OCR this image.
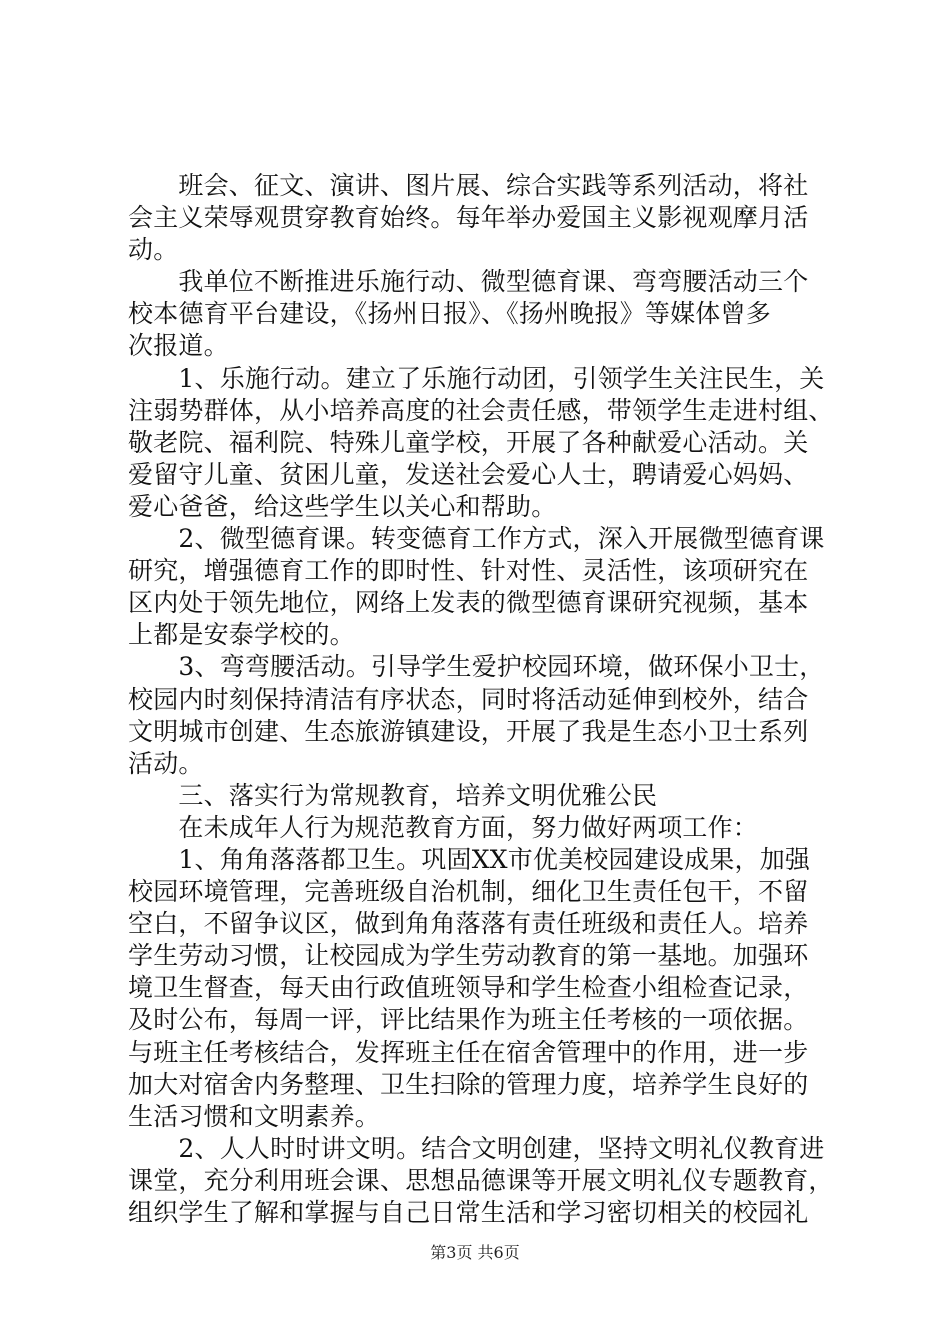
　　班会、征文、演讲、图片展、综合实践等系列活动，将社
会主义荣辱观贯穿教育始终。每年举办爱国主义影视观摩月活
动。
　　我单位不断推进乐施行动、微型德育课、弯弯腰活动三个
校本德育平台建设，《扬州日报》、《扬州晚报》等媒体曾多
次报道。
　　1、乐施行动。建立了乐施行动团，引领学生关注民生，关
注弱势群体，从小培养高度的社会责任感，带领学生走进村组、
敬老院、福利院、特殊儿童学校，开展了各种献爱心活动。关
爱留守儿童、贫困儿童，发送社会爱心人士，聘请爱心妈妈、
爱心爸爸，给这些学生以关心和帮助。
　　2、微型德育课。转变德育工作方式，深入开展微型德育课
研究，增强德育工作的即时性、针对性、灵活性，该项研究在
区内处于领先地位，网络上发表的微型德育课研究视频，基本
上都是安泰学校的。
　　3、弯弯腰活动。引导学生爱护校园环境，做环保小卫士，
校园内时刻保持清洁有序状态，同时将活动延伸到校外，结合
文明城市创建、生态旅游镇建设，开展了我是生态小卫士系列
活动。
　　三、落实行为常规教育，培养文明优雅公民
　　在未成年人行为规范教育方面，努力做好两项工作：
　　1、角角落落都卫生。巩固XX市优美校园建设成果，加强
校园环境管理，完善班级自治机制，细化卫生责任包干，不留
空白，不留争议区，做到角角落落有责任班级和责任人。培养
学生劳动习惯，让校园成为学生劳动教育的第一基地。加强环
境卫生督查，每天由行政值班领导和学生检查小组检查记录，
及时公布，每周一评，评比结果作为班主任考核的一项依据。
与班主任考核结合，发挥班主任在宿舍管理中的作用，进一步
加大对宿舍内务整理、卫生扫除的管理力度，培养学生良好的
生活习惯和文明素养。
　　2、人人时时讲文明。结合文明创建，坚持文明礼仪教育进
课堂，充分利用班会课、思想品德课等开展文明礼仪专题教育，
组织学生了解和掌握与自己日常生活和学习密切相关的校园礼
第3页 共6页
